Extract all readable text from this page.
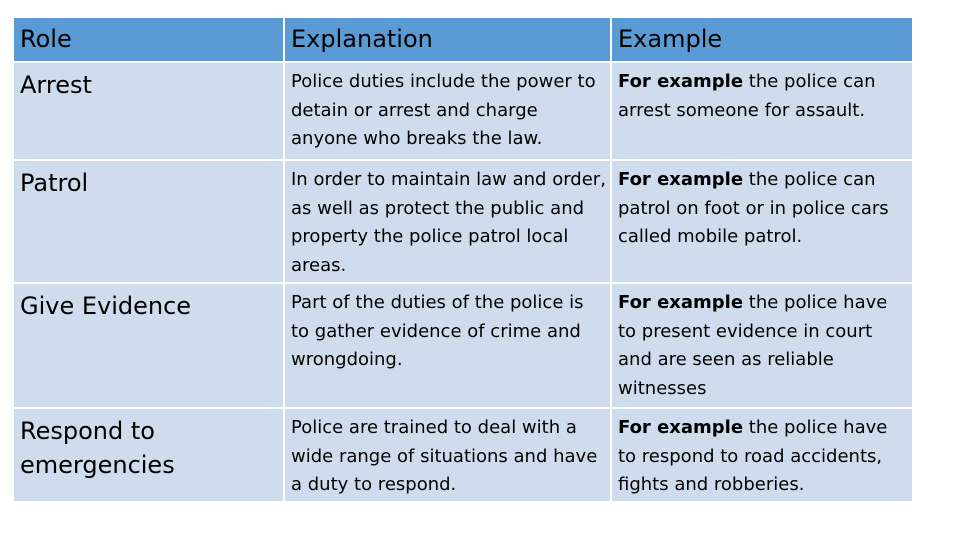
Role	Explanation	Example
Arrest	Police duties include the power to detain or arrest and charge anyone who breaks the law.	For example the police can arrest someone for assault.
Patrol	In order to maintain law and order, as well as protect the public and property the police patrol local areas.	For example the police can patrol on foot or in police cars called mobile patrol.
Give Evidence	Part of the duties of the police is to gather evidence of crime and wrongdoing.	For example the police have to present evidence in court and are seen as reliable witnesses
Respond to emergencies	Police are trained to deal with a wide range of situations and have a duty to respond.	For example the police have to respond to road accidents, fights and robberies.
